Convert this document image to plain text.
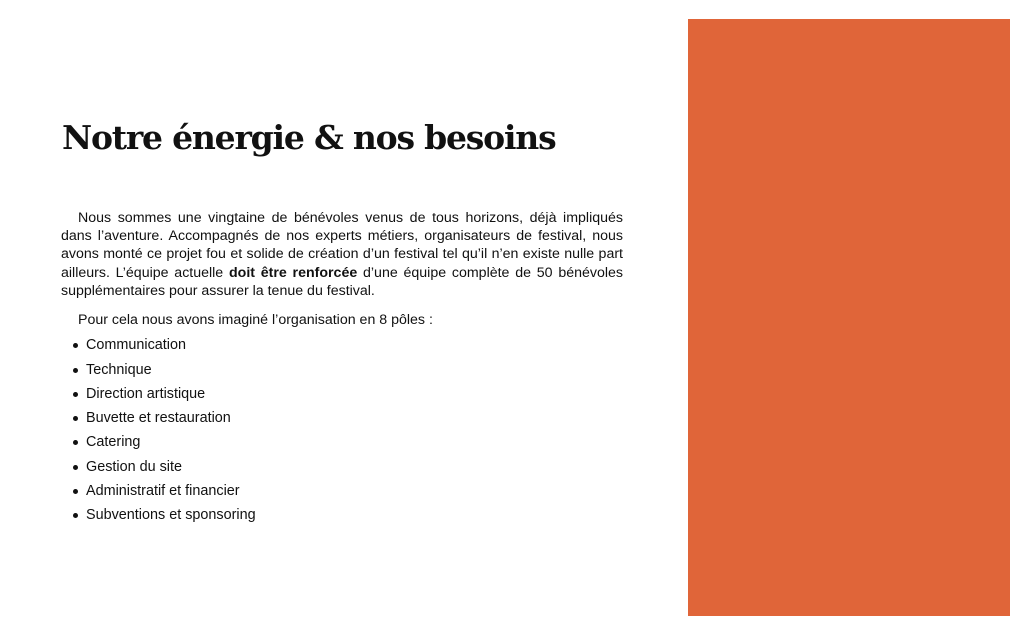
Notre énergie & nos besoins

Nous sommes une vingtaine de bénévoles venus de tous horizons, déjà impliqués dans l’aventure. Accompagnés de nos experts métiers, organisateurs de festival, nous avons monté ce projet fou et solide de création d’un festival tel qu’il n’en existe nulle part ailleurs. L’équipe actuelle doit être renforcée d’une équipe complète de 50 bénévoles supplémentaires pour assurer la tenue du festival.

Pour cela nous avons imaginé l’organisation en 8 pôles :

Communication
Technique
Direction artistique
Buvette et restauration
Catering
Gestion du site
Administratif et financier
Subventions et sponsoring
